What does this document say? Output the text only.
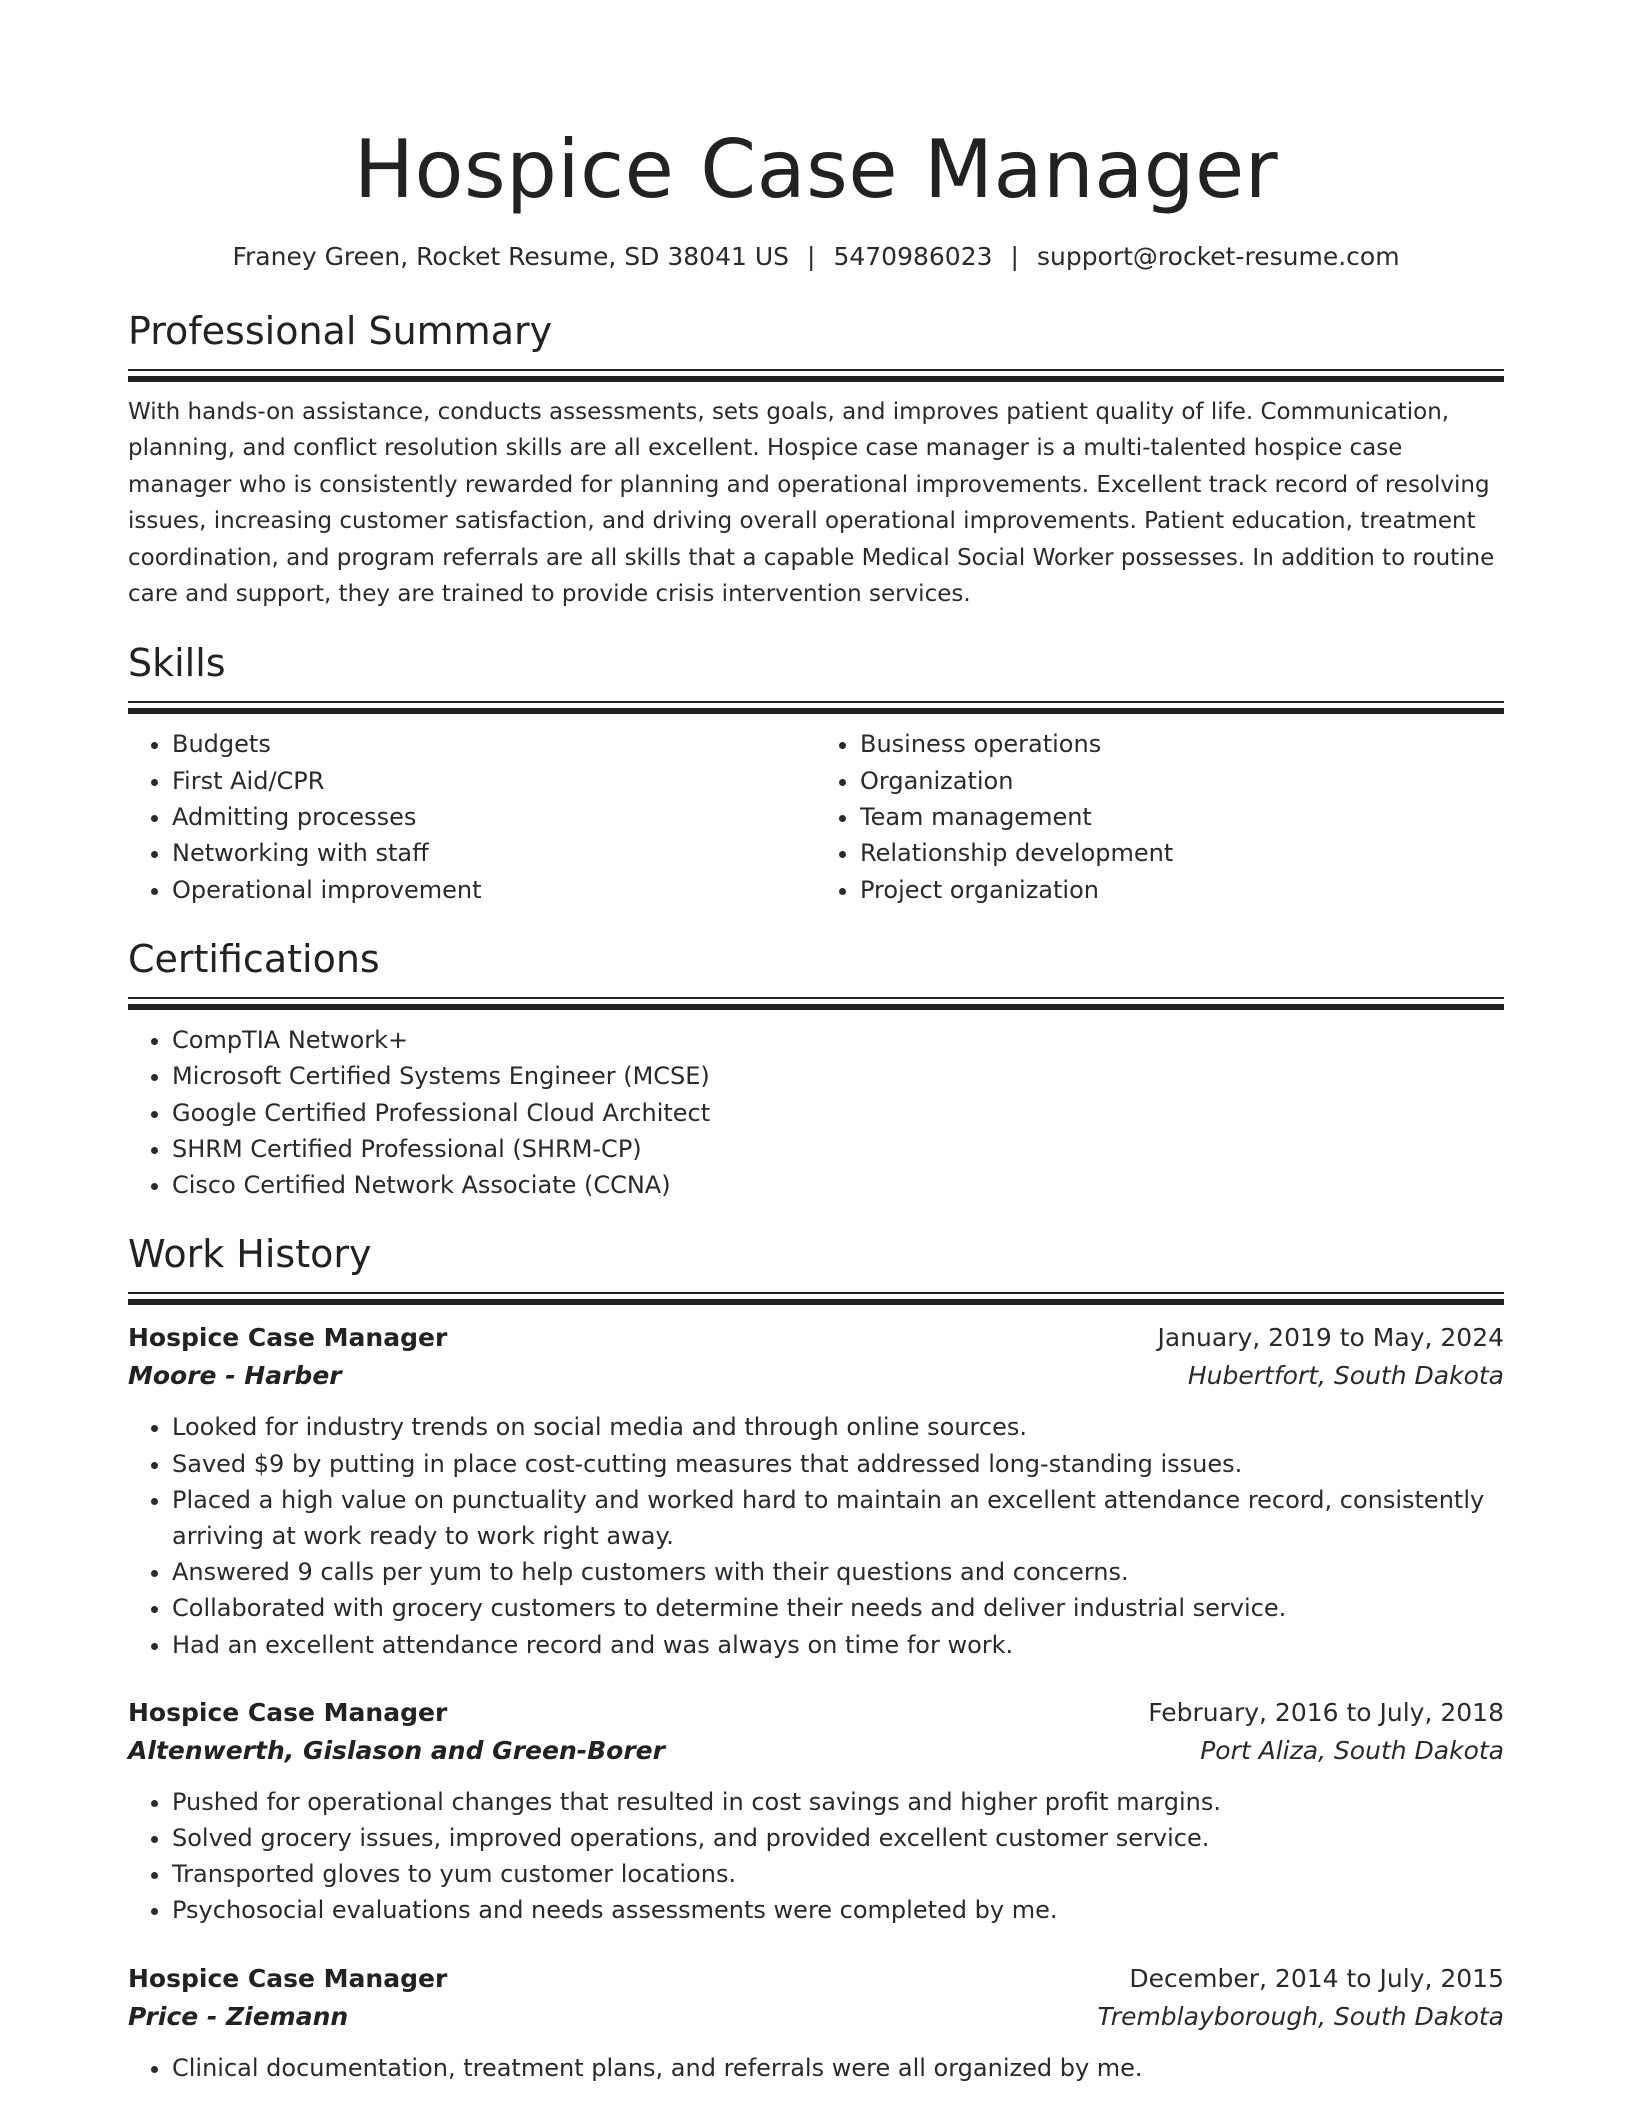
Hospice Case Manager
Franey Green, Rocket Resume, SD 38041 US | 5470986023 | support@rocket-resume.com
Professional Summary

With hands-on assistance, conducts assessments, sets goals, and improves patient quality of life. Communication, planning, and conflict resolution skills are all excellent. Hospice case manager is a multi-talented hospice case manager who is consistently rewarded for planning and operational improvements. Excellent track record of resolving issues, increasing customer satisfaction, and driving overall operational improvements. Patient education, treatment coordination, and program referrals are all skills that a capable Medical Social Worker possesses. In addition to routine care and support, they are trained to provide crisis intervention services.

Skills
• Budgets
• First Aid/CPR
• Admitting processes
• Networking with staff
• Operational improvement
• Business operations
• Organization
• Team management
• Relationship development
• Project organization
Certifications
• CompTIA Network+
• Microsoft Certified Systems Engineer (MCSE)
• Google Certified Professional Cloud Architect
• SHRM Certified Professional (SHRM-CP)
• Cisco Certified Network Associate (CCNA)
Work History
Hospice Case Manager	January, 2019 to May, 2024
Moore - Harber	Hubertfort, South Dakota
• Looked for industry trends on social media and through online sources.
• Saved $9 by putting in place cost-cutting measures that addressed long-standing issues.
• Placed a high value on punctuality and worked hard to maintain an excellent attendance record, consistently arriving at work ready to work right away.
• Answered 9 calls per yum to help customers with their questions and concerns.
• Collaborated with grocery customers to determine their needs and deliver industrial service.
• Had an excellent attendance record and was always on time for work.
Hospice Case Manager	February, 2016 to July, 2018
Altenwerth, Gislason and Green-Borer	Port Aliza, South Dakota
• Pushed for operational changes that resulted in cost savings and higher profit margins.
• Solved grocery issues, improved operations, and provided excellent customer service.
• Transported gloves to yum customer locations.
• Psychosocial evaluations and needs assessments were completed by me.
Hospice Case Manager	December, 2014 to July, 2015
Price - Ziemann	Tremblayborough, South Dakota
• Clinical documentation, treatment plans, and referrals were all organized by me.
